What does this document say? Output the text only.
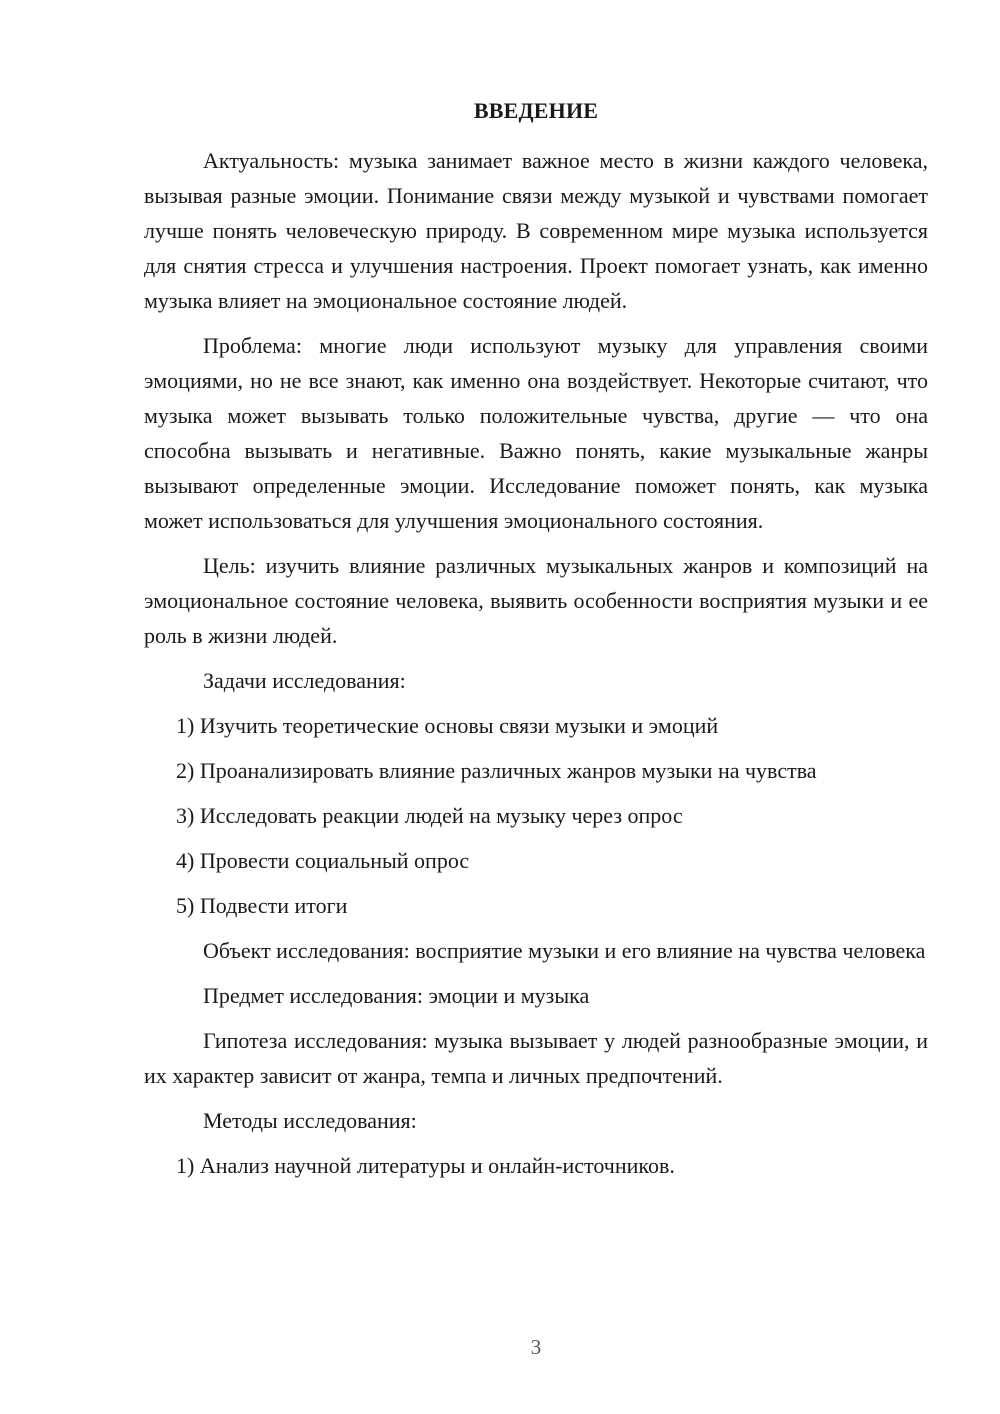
ВВЕДЕНИЕ

Актуальность: музыка занимает важное место в жизни каждого человека, вызывая разные эмоции. Понимание связи между музыкой и чувствами помогает лучше понять человеческую природу. В современном мире музыка используется для снятия стресса и улучшения настроения. Проект помогает узнать, как именно музыка влияет на эмоциональное состояние людей.

Проблема: многие люди используют музыку для управления своими эмоциями, но не все знают, как именно она воздействует. Некоторые считают, что музыка может вызывать только положительные чувства, другие — что она способна вызывать и негативные. Важно понять, какие музыкальные жанры вызывают определенные эмоции. Исследование поможет понять, как музыка может использоваться для улучшения эмоционального состояния.

Цель: изучить влияние различных музыкальных жанров и композиций на эмоциональное состояние человека, выявить особенности восприятия музыки и ее роль в жизни людей.

Задачи исследования:

1) Изучить теоретические основы связи музыки и эмоций
2) Проанализировать влияние различных жанров музыки на чувства
3) Исследовать реакции людей на музыку через опрос
4) Провести социальный опрос
5) Подвести итоги

Объект исследования: восприятие музыки и его влияние на чувства человека

Предмет исследования: эмоции и музыка

Гипотеза исследования: музыка вызывает у людей разнообразные эмоции, и их характер зависит от жанра, темпа и личных предпочтений.

Методы исследования:

1) Анализ научной литературы и онлайн-источников.
3
